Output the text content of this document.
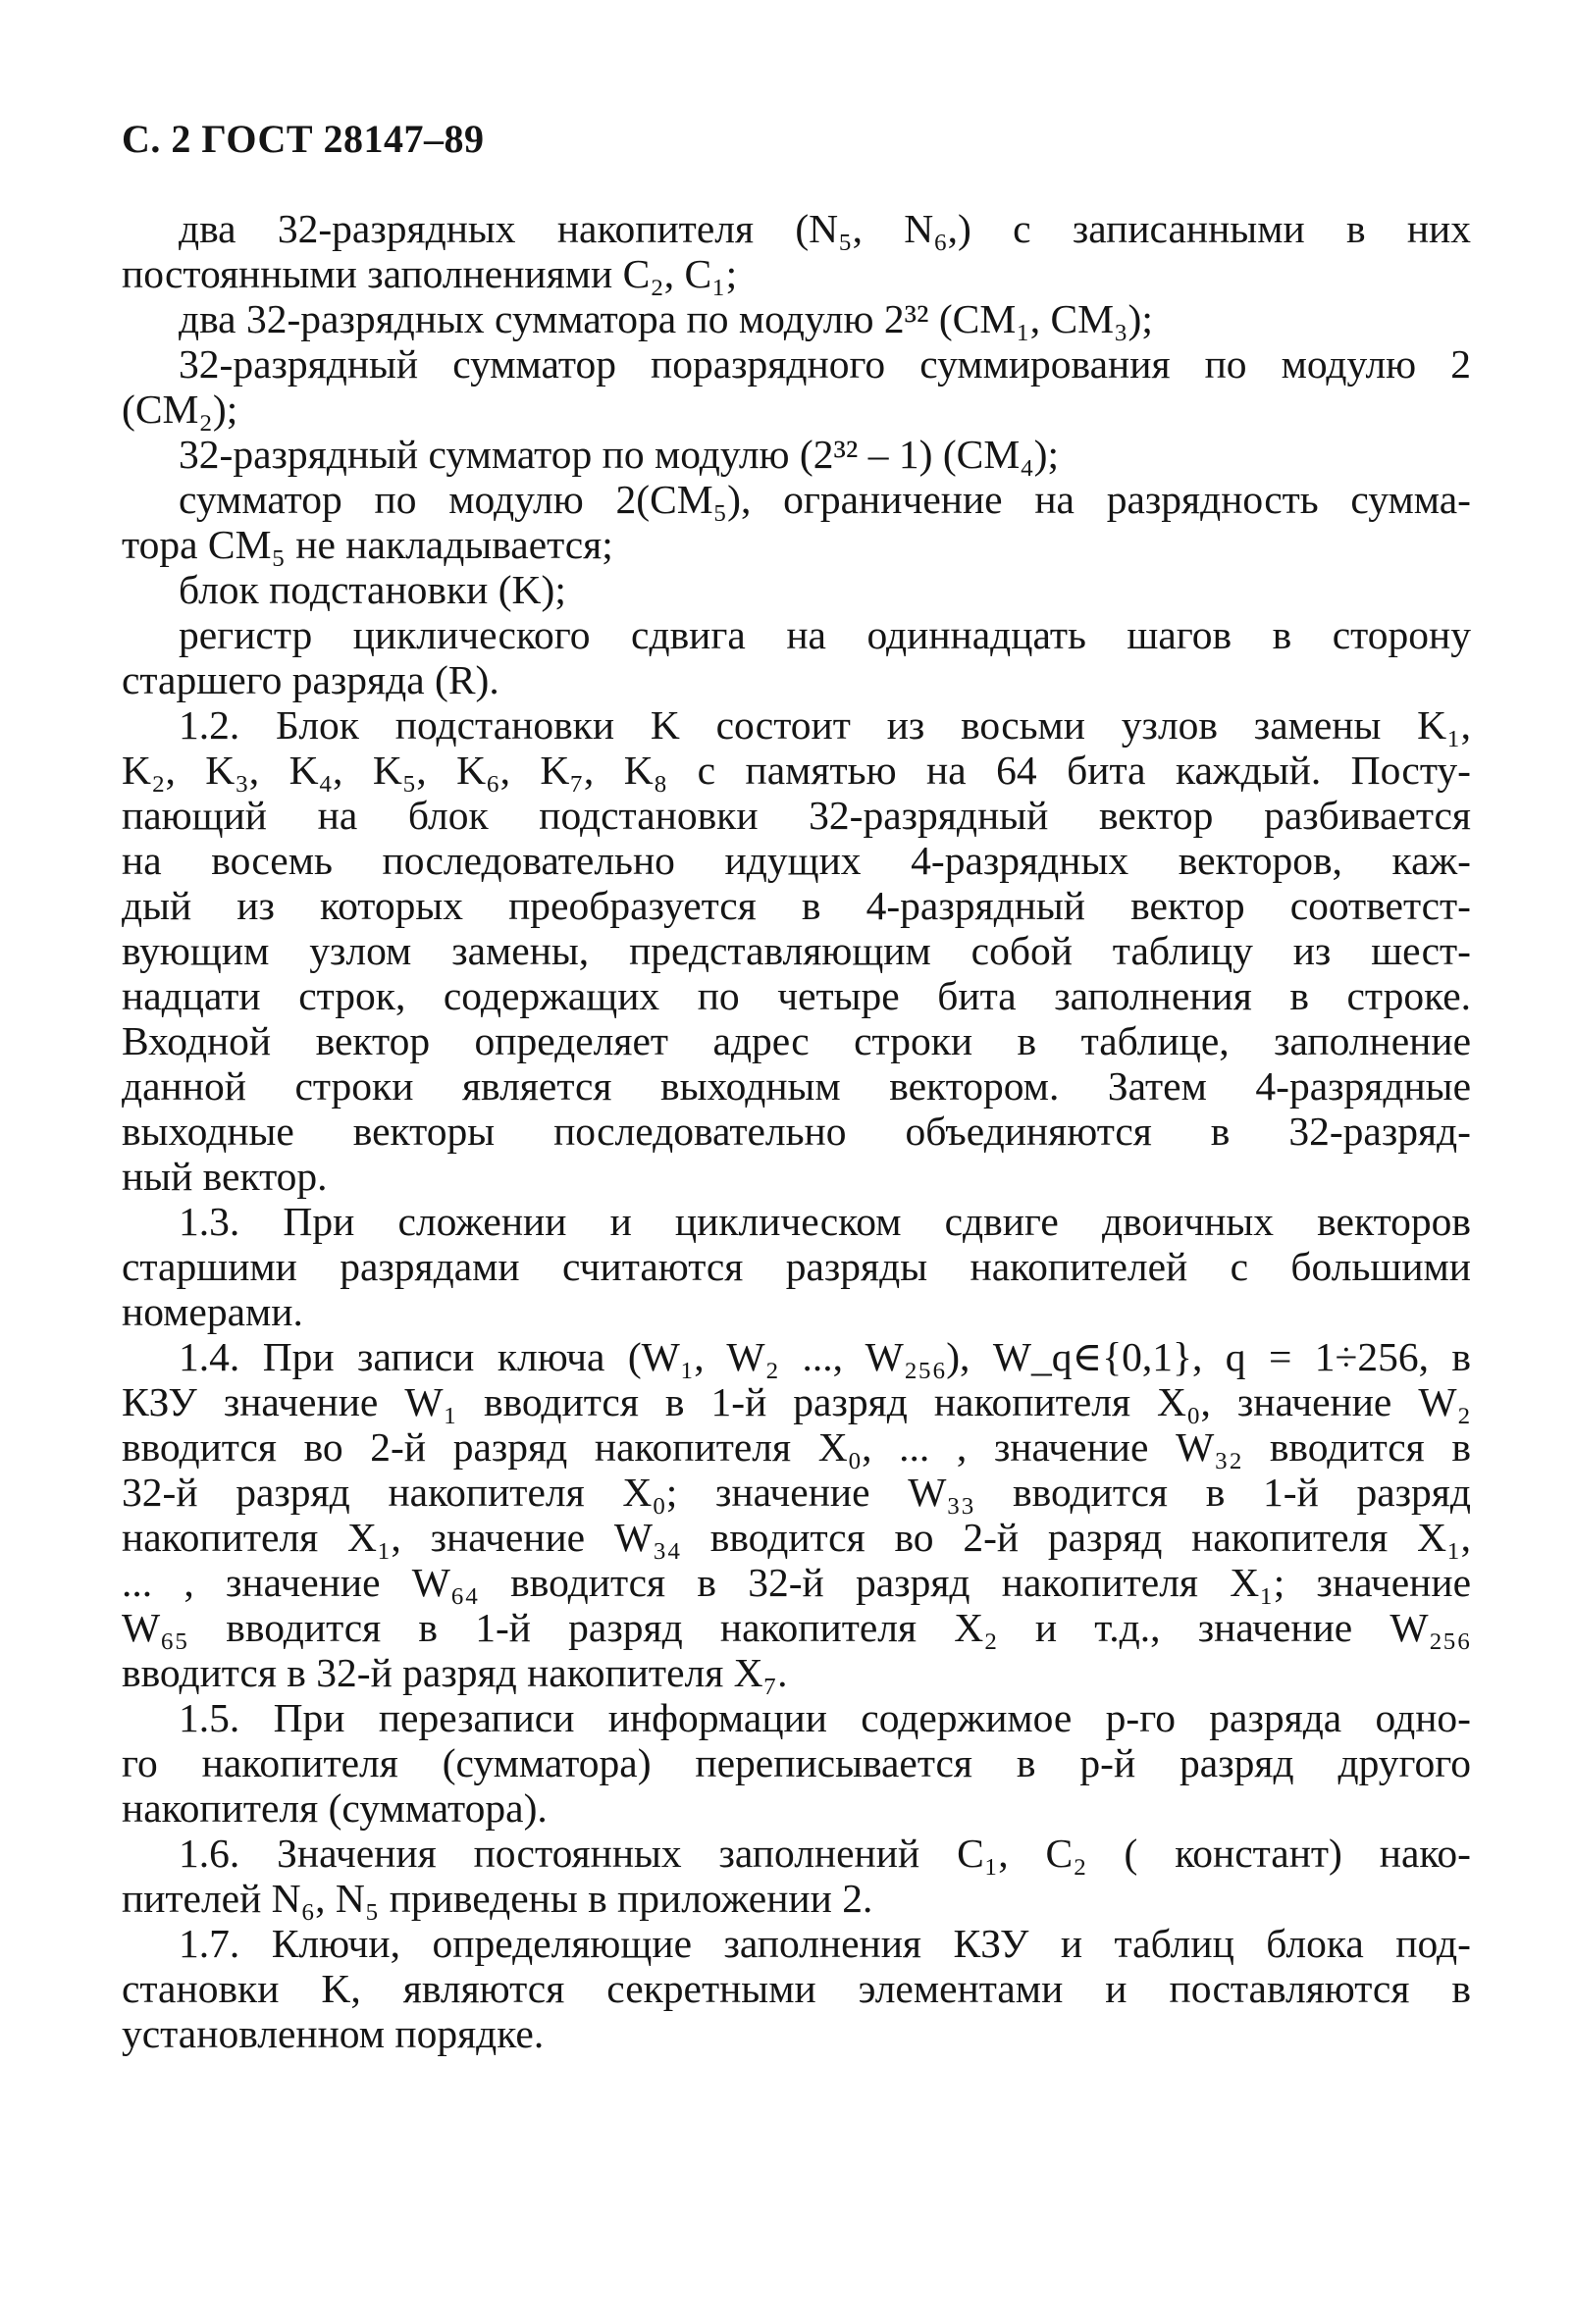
С. 2 ГОСТ 28147–89
два 32-разрядных накопителя (N₅, N₆,) с записанными в них
постоянными заполнениями C₂, C₁;
два 32-разрядных сумматора по модулю 2³² (CM₁, CM₃);
32-разрядный сумматор поразрядного суммирования по модулю 2
(CM₂);
32-разрядный сумматор по модулю (2³² – 1) (CM₄);
сумматор по модулю 2(CM₅), ограничение на разрядность сумма-
тора CM₅ не накладывается;
блок подстановки (K);
регистр циклического сдвига на одиннадцать шагов в сторону
старшего разряда (R).
1.2. Блок подстановки K состоит из восьми узлов замены K₁,
K₂, K₃, K₄, K₅, K₆, K₇, K₈ с памятью на 64 бита каждый. Посту-
пающий на блок подстановки 32-разрядный вектор разбивается
на восемь последовательно идущих 4-разрядных векторов, каж-
дый из которых преобразуется в 4-разрядный вектор соответст-
вующим узлом замены, представляющим собой таблицу из шест-
надцати строк, содержащих по четыре бита заполнения в строке.
Входной вектор определяет адрес строки в таблице, заполнение
данной строки является выходным вектором. Затем 4-разрядные
выходные векторы последовательно объединяются в 32-разряд-
ный вектор.
1.3. При сложении и циклическом сдвиге двоичных векторов
старшими разрядами считаются разряды накопителей с большими
номерами.
1.4. При записи ключа (W₁, W₂ ..., W₂₅₆), W_q∈{0,1}, q = 1÷256, в
КЗУ значение W₁ вводится в 1-й разряд накопителя X₀, значение W₂
вводится во 2-й разряд накопителя X₀, ... , значение W₃₂ вводится в
32-й разряд накопителя X₀; значение W₃₃ вводится в 1-й разряд
накопителя X₁, значение W₃₄ вводится во 2-й разряд накопителя X₁,
... , значение W₆₄ вводится в 32-й разряд накопителя X₁; значение
W₆₅ вводится в 1-й разряд накопителя X₂ и т.д., значение W₂₅₆
вводится в 32-й разряд накопителя X₇.
1.5. При перезаписи информации содержимое p-го разряда одно-
го накопителя (сумматора) переписывается в p-й разряд другого
накопителя (сумматора).
1.6. Значения постоянных заполнений C₁, C₂ ( констант) нако-
пителей N₆, N₅ приведены в приложении 2.
1.7. Ключи, определяющие заполнения КЗУ и таблиц блока под-
становки K, являются секретными элементами и поставляются в
установленном порядке.
